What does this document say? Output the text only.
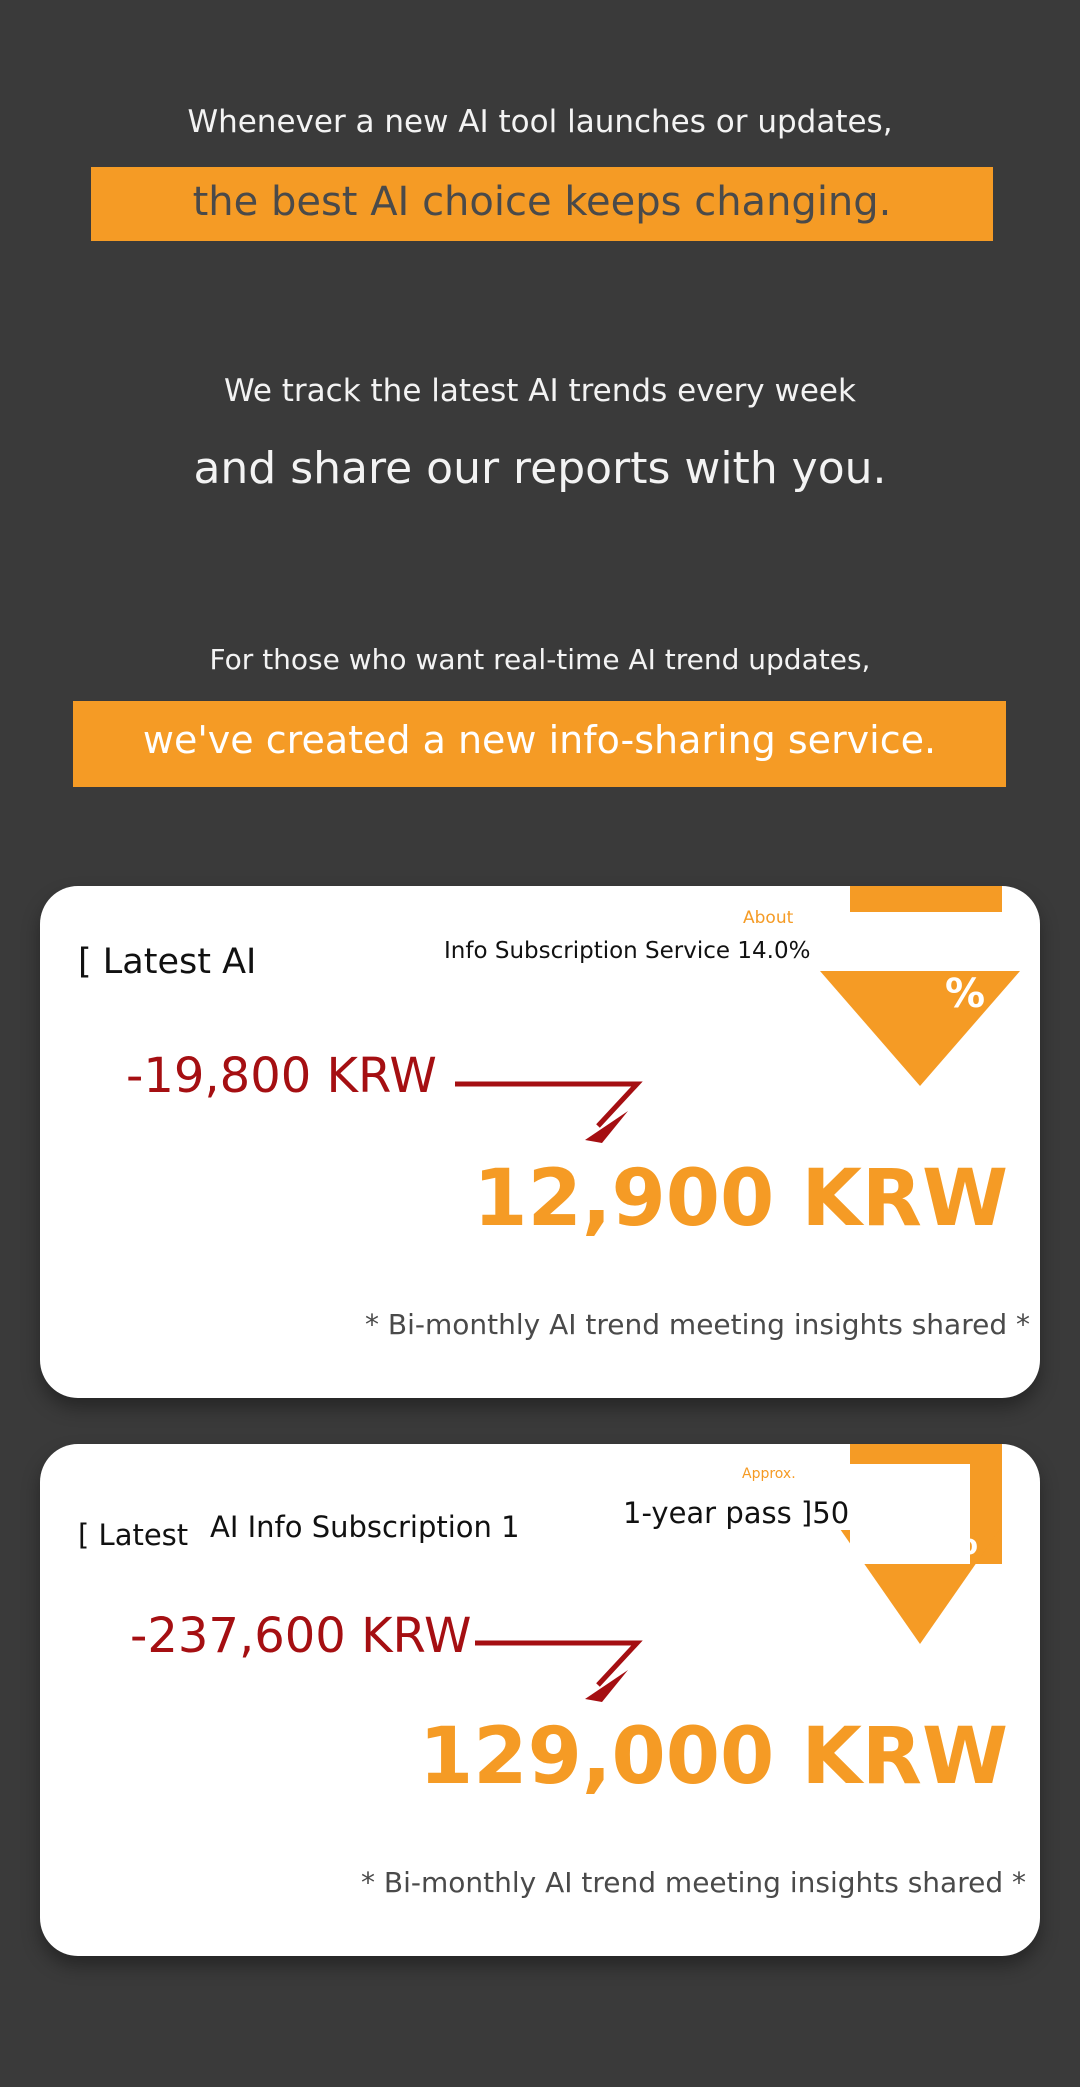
Whenever a new AI tool launches or updates,
the best AI choice keeps changing.
We track the latest AI trends every week
and share our reports with you.
For those who want real-time AI trend updates,
we've created a new info-sharing service.
About
%
[ Latest AI	Info Subscription Service 14.0%
-19,800 KRW
12,900 KRW
* Bi-monthly AI trend meeting insights shared *
Approx.
%
[ Latest AI Info Subscription 1	1-year pass ]50
-237,600 KRW
129,000 KRW
* Bi-monthly AI trend meeting insights shared *
